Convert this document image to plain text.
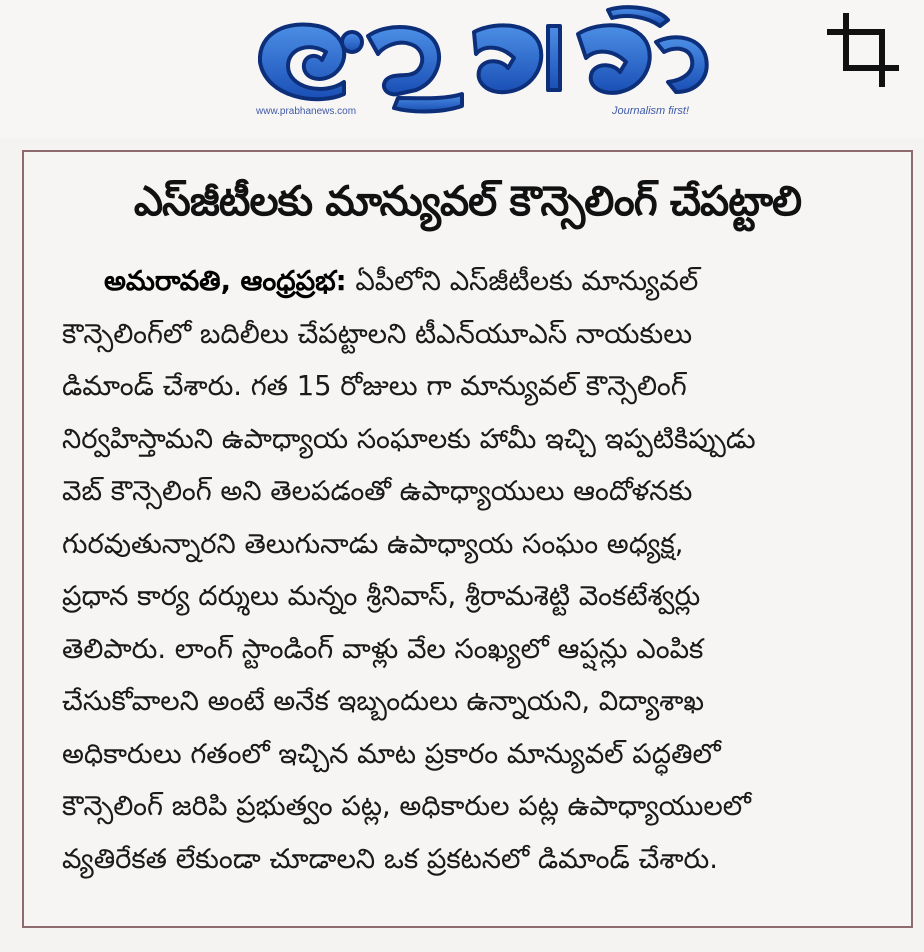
www.prabhanews.com	Journalism first!
ఎస్‌జీటీలకు మాన్యువల్ కౌన్సెలింగ్ చేపట్టాలి
అమరావతి, ఆంధ్రప్రభ: ఏపీలోని ఎస్‌జీటీలకు మాన్యువల్
కౌన్సెలింగ్‌లో బదిలీలు చేపట్టాలని టీఎన్‌యూఎస్ నాయకులు
డిమాండ్ చేశారు. గత 15 రోజులు గా మాన్యువల్ కౌన్సెలింగ్
నిర్వహిస్తామని ఉపాధ్యాయ సంఘాలకు హామీ ఇచ్చి ఇప్పటికిప్పుడు
వెబ్ కౌన్సెలింగ్ అని తెలపడంతో ఉపాధ్యాయులు ఆందోళనకు
గురవుతున్నారని తెలుగునాడు ఉపాధ్యాయ సంఘం అధ్యక్ష,
ప్రధాన కార్య దర్శులు మన్నం శ్రీనివాస్, శ్రీరామశెట్టి వెంకటేశ్వర్లు
తెలిపారు. లాంగ్ స్టాండింగ్ వాళ్లు వేల సంఖ్యలో ఆప్షన్లు ఎంపిక
చేసుకోవాలని అంటే అనేక ఇబ్బందులు ఉన్నాయని, విద్యాశాఖ
అధికారులు గతంలో ఇచ్చిన మాట ప్రకారం మాన్యువల్ పద్ధతిలో
కౌన్సెలింగ్ జరిపి ప్రభుత్వం పట్ల, అధికారుల పట్ల ఉపాధ్యాయులలో
వ్యతిరేకత లేకుండా చూడాలని ఒక ప్రకటనలో డిమాండ్ చేశారు.
